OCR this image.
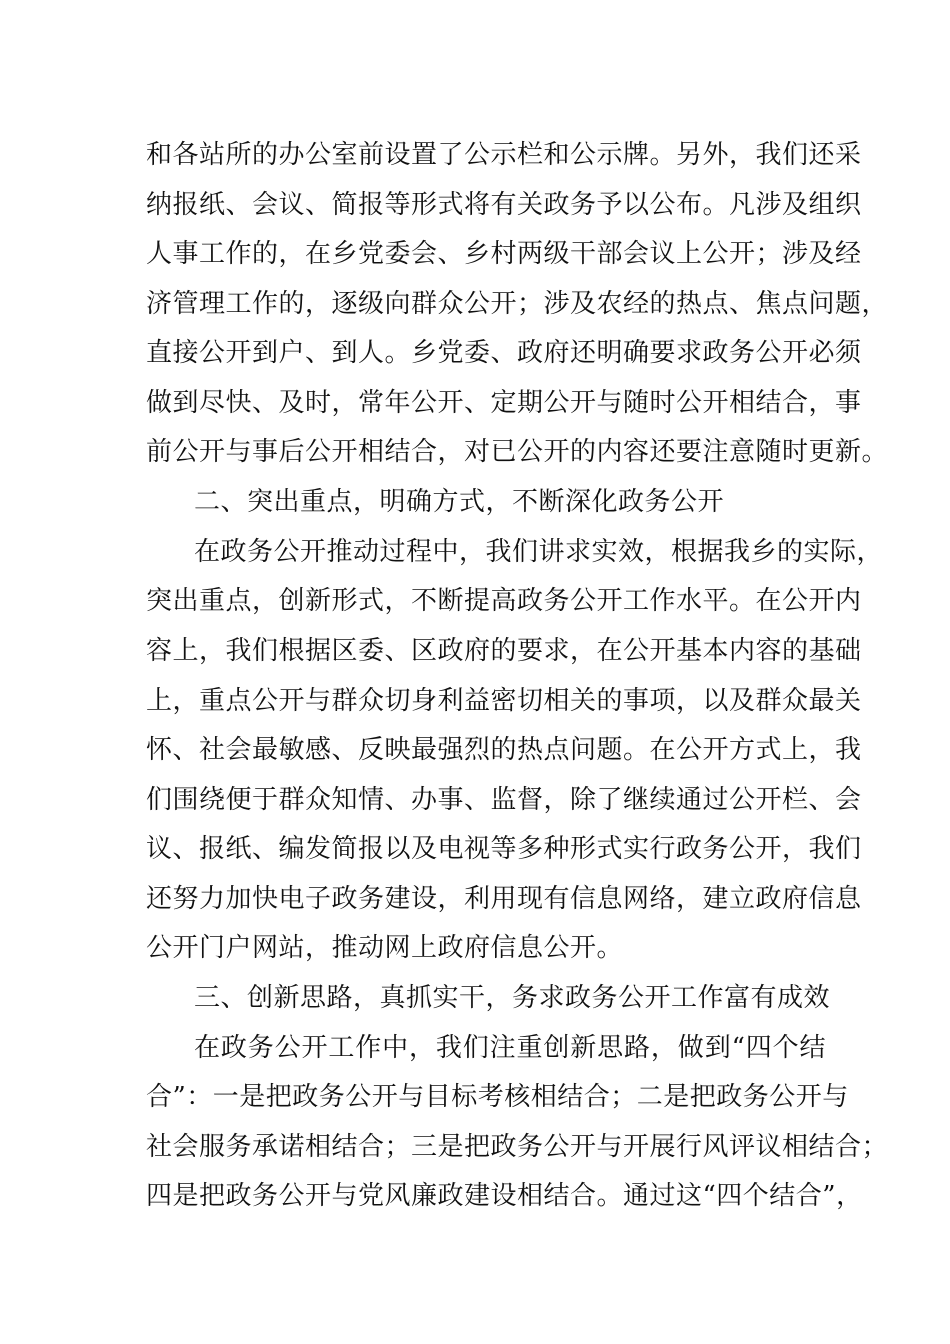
和各站所的办公室前设置了公示栏和公示牌。另外，我们还采
纳报纸、会议、简报等形式将有关政务予以公布。凡涉及组织
人事工作的，在乡党委会、乡村两级干部会议上公开；涉及经
济管理工作的，逐级向群众公开；涉及农经的热点、焦点问题，
直接公开到户、到人。乡党委、政府还明确要求政务公开必须
做到尽快、及时，常年公开、定期公开与随时公开相结合，事
前公开与事后公开相结合，对已公开的内容还要注意随时更新。
二、突出重点，明确方式，不断深化政务公开
在政务公开推动过程中，我们讲求实效，根据我乡的实际，
突出重点，创新形式，不断提高政务公开工作水平。在公开内
容上，我们根据区委、区政府的要求，在公开基本内容的基础
上，重点公开与群众切身利益密切相关的事项，以及群众最关
怀、社会最敏感、反映最强烈的热点问题。在公开方式上，我
们围绕便于群众知情、办事、监督，除了继续通过公开栏、会
议、报纸、编发简报以及电视等多种形式实行政务公开，我们
还努力加快电子政务建设，利用现有信息网络，建立政府信息
公开门户网站，推动网上政府信息公开。
三、创新思路，真抓实干，务求政务公开工作富有成效
在政务公开工作中，我们注重创新思路，做到“四个结
合”：一是把政务公开与目标考核相结合；二是把政务公开与
社会服务承诺相结合；三是把政务公开与开展行风评议相结合；
四是把政务公开与党风廉政建设相结合。通过这“四个结合”，
